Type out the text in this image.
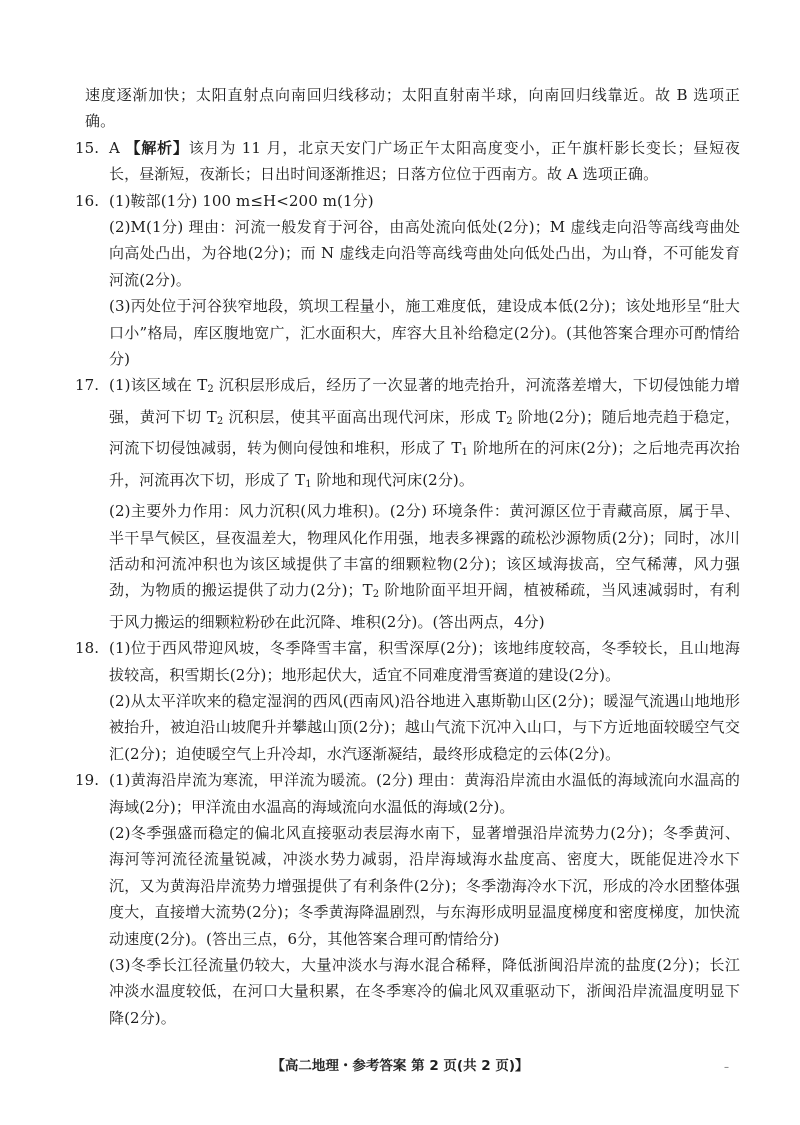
速度逐渐加快；太阳直射点向南回归线移动；太阳直射南半球，向南回归线靠近。故 B 选项正确。

15. A 【解析】该月为 11 月，北京天安门广场正午太阳高度变小，正午旗杆影长变长；昼短夜长，昼渐短，夜渐长；日出时间逐渐推迟；日落方位位于西南方。故 A 选项正确。
16. (1)鞍部(1分) 100 m≤H<200 m(1分)

(2)M(1分) 理由：河流一般发育于河谷，由高处流向低处(2分)；M 虚线走向沿等高线弯曲处向高处凸出，为谷地(2分)；而 N 虚线走向沿等高线弯曲处向低处凸出，为山脊，不可能发育河流(2分)。

(3)丙处位于河谷狭窄地段，筑坝工程量小，施工难度低，建设成本低(2分)；该处地形呈“肚大口小”格局，库区腹地宽广，汇水面积大，库容大且补给稳定(2分)。(其他答案合理亦可酌情给分)

17. (1)该区域在 $T_2$ 沉积层形成后，经历了一次显著的地壳抬升，河流落差增大，下切侵蚀能力增强，黄河下切 $T_2$ 沉积层，使其平面高出现代河床，形成 $T_2$ 阶地(2分)；随后地壳趋于稳定，河流下切侵蚀减弱，转为侧向侵蚀和堆积，形成了 $T_1$ 阶地所在的河床(2分)；之后地壳再次抬升，河流再次下切，形成了 $T_1$ 阶地和现代河床(2分)。

(2)主要外力作用：风力沉积(风力堆积)。(2分) 环境条件：黄河源区位于青藏高原，属于旱、半干旱气候区，昼夜温差大，物理风化作用强，地表多裸露的疏松沙源物质(2分)；同时，冰川活动和河流冲积也为该区域提供了丰富的细颗粒物(2分)；该区域海拔高，空气稀薄，风力强劲，为物质的搬运提供了动力(2分)；$T_2$ 阶地阶面平坦开阔，植被稀疏，当风速减弱时，有利于风力搬运的细颗粒粉砂在此沉降、堆积(2分)。(答出两点，4分)

18. (1)位于西风带迎风坡，冬季降雪丰富，积雪深厚(2分)；该地纬度较高，冬季较长，且山地海拔较高，积雪期长(2分)；地形起伏大，适宜不同难度滑雪赛道的建设(2分)。

(2)从太平洋吹来的稳定湿润的西风(西南风)沿谷地进入惠斯勒山区(2分)；暖湿气流遇山地地形被抬升，被迫沿山坡爬升并攀越山顶(2分)；越山气流下沉冲入山口，与下方近地面较暖空气交汇(2分)；迫使暖空气上升冷却，水汽逐渐凝结，最终形成稳定的云体(2分)。

19. (1)黄海沿岸流为寒流，甲洋流为暖流。(2分) 理由：黄海沿岸流由水温低的海域流向水温高的海域(2分)；甲洋流由水温高的海域流向水温低的海域(2分)。

(2)冬季强盛而稳定的偏北风直接驱动表层海水南下，显著增强沿岸流势力(2分)；冬季黄河、海河等河流径流量锐减，冲淡水势力减弱，沿岸海域海水盐度高、密度大，既能促进冷水下沉，又为黄海沿岸流势力增强提供了有利条件(2分)；冬季渤海冷水下沉，形成的冷水团整体强度大，直接增大流势(2分)；冬季黄海降温剧烈，与东海形成明显温度梯度和密度梯度，加快流动速度(2分)。(答出三点，6分，其他答案合理可酌情给分)

(3)冬季长江径流量仍较大，大量冲淡水与海水混合稀释，降低浙闽沿岸流的盐度(2分)；长江冲淡水温度较低，在河口大量积累，在冬季寒冷的偏北风双重驱动下，浙闽沿岸流温度明显下降(2分)。

【高二地理・参考答案 第 2 页(共 2 页)】	–
